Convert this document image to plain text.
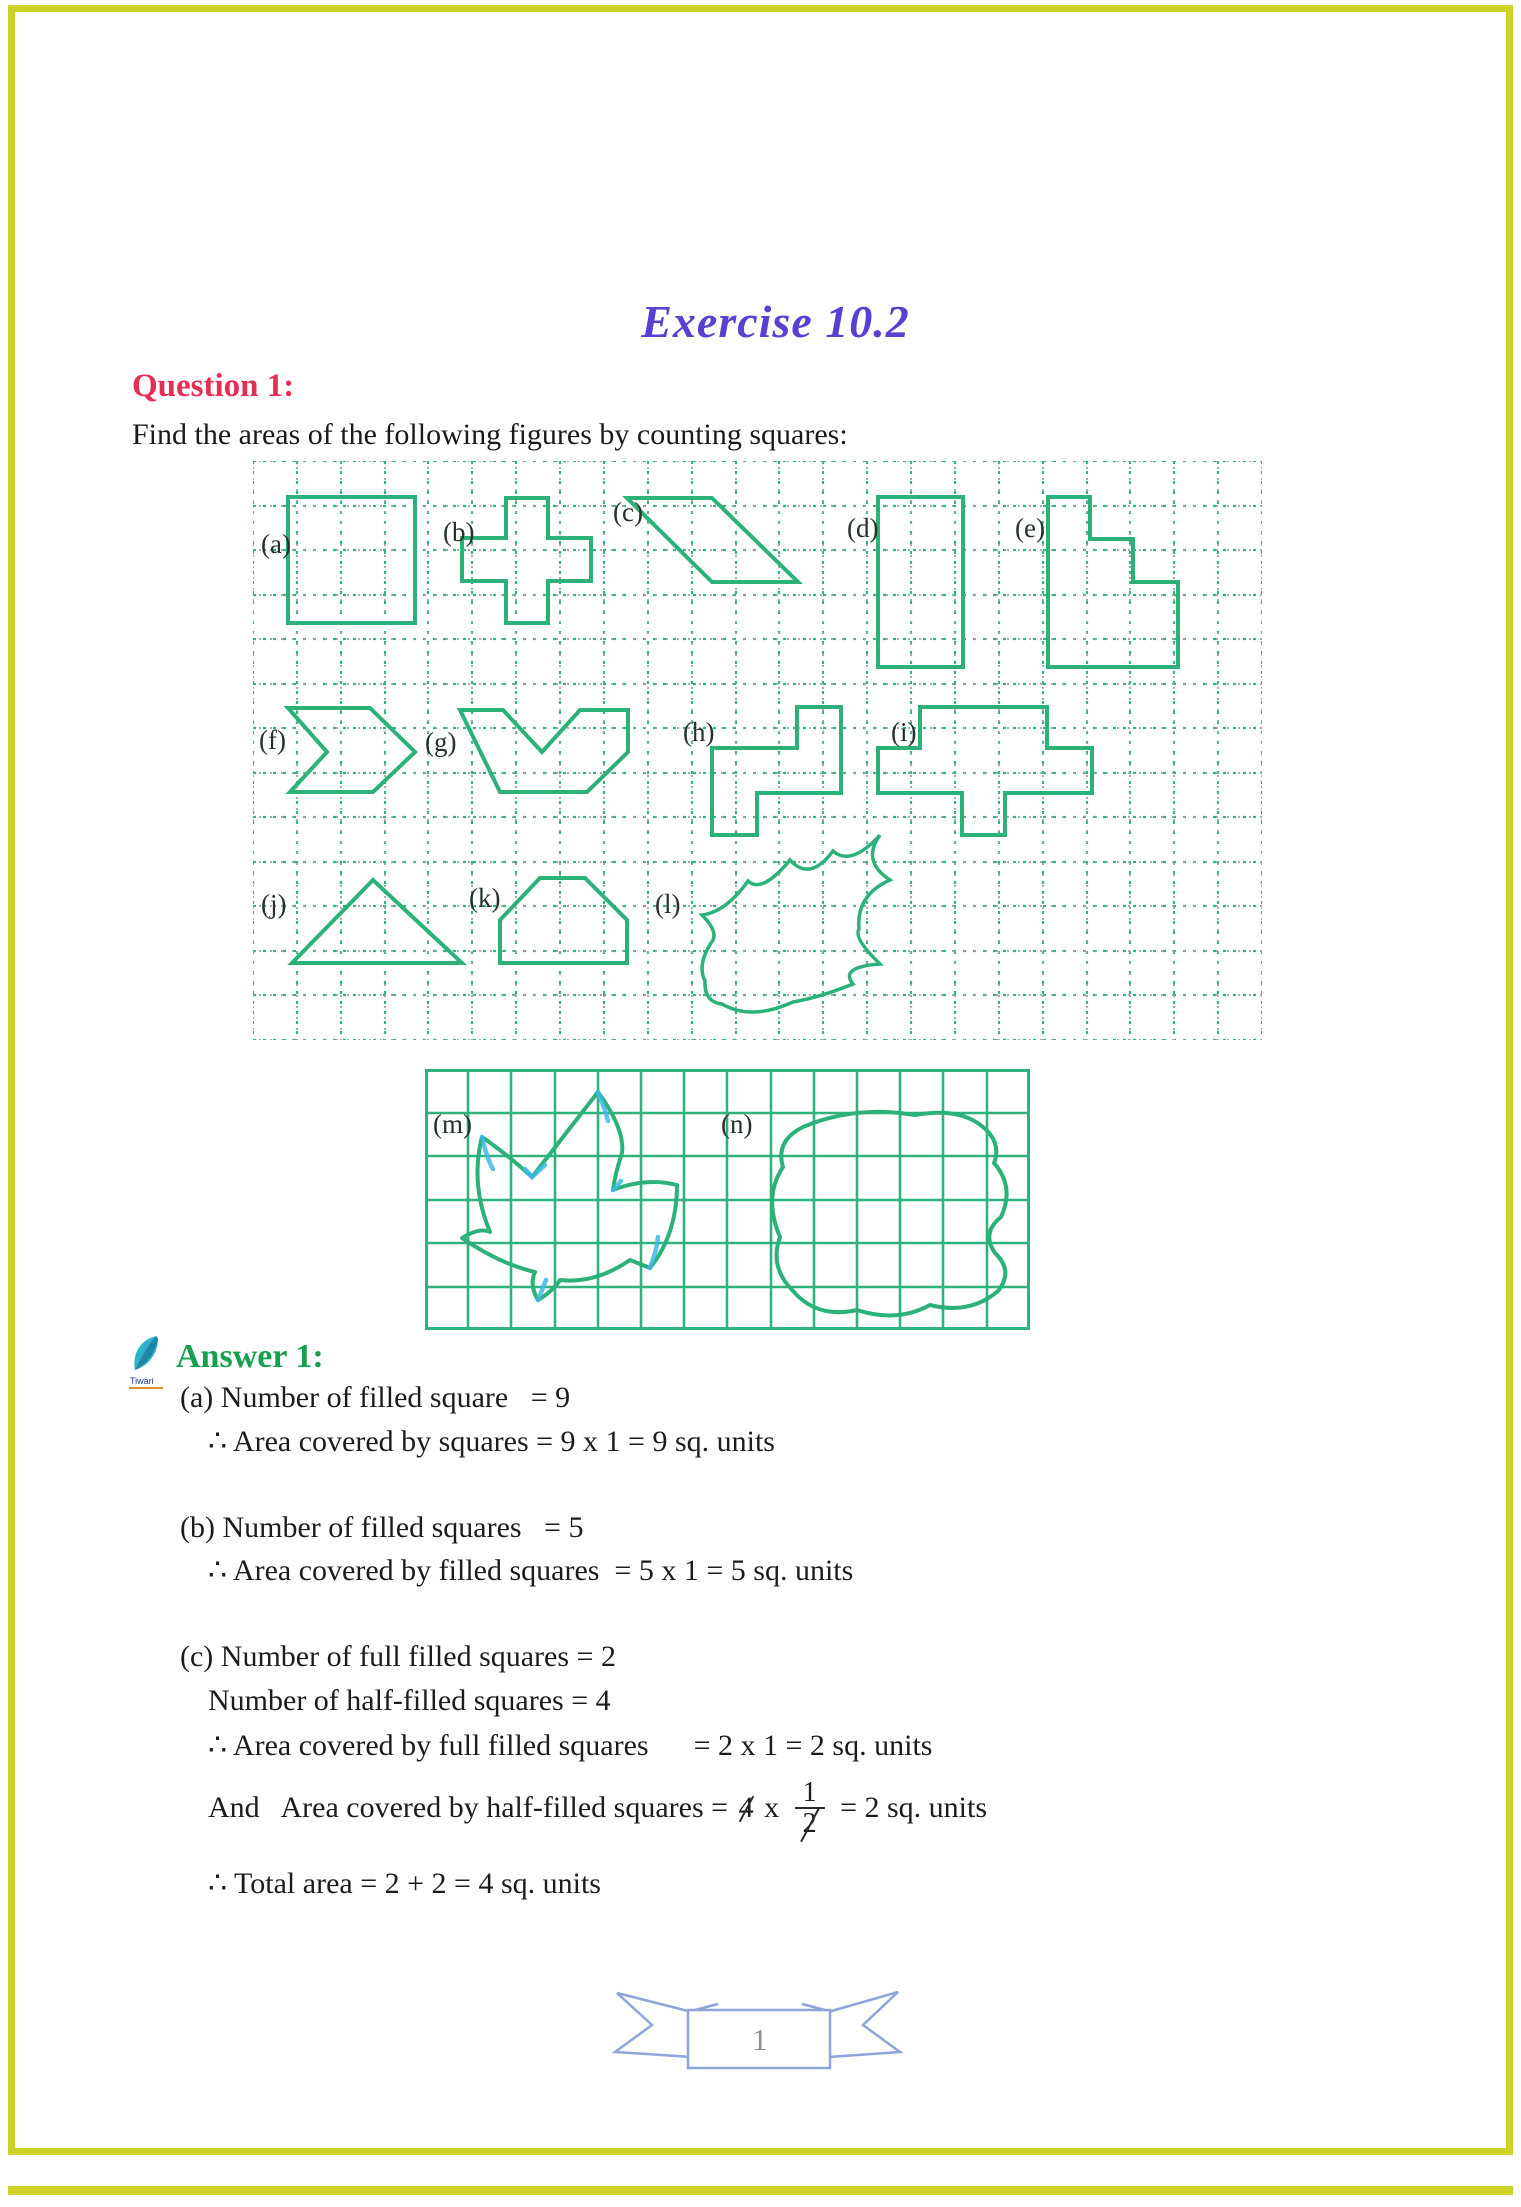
Exercise 10.2
Question 1:
Find the areas of the following figures by counting squares:
(a)	(b)
(c)
(d)	(e)
(f)	(g)	(h)	(i)
(j)	(k)	(l)
(m)	(n)
Tiwari
Answer 1:
(a) Number of filled square   = 9
∴ Area covered by squares = 9 x 1 = 9 sq. units
(b) Number of filled squares   = 5
∴ Area covered by filled squares  = 5 x 1 = 5 sq. units
(c) Number of full filled squares = 2
Number of half-filled squares = 4
∴ Area covered by full filled squares      = 2 x 1 = 2 sq. units
And   Area covered by half-filled squares = 4 x $\frac{1}{2} = 2$ sq. units
∴ Total area = 2 + 2 = 4 sq. units
1
